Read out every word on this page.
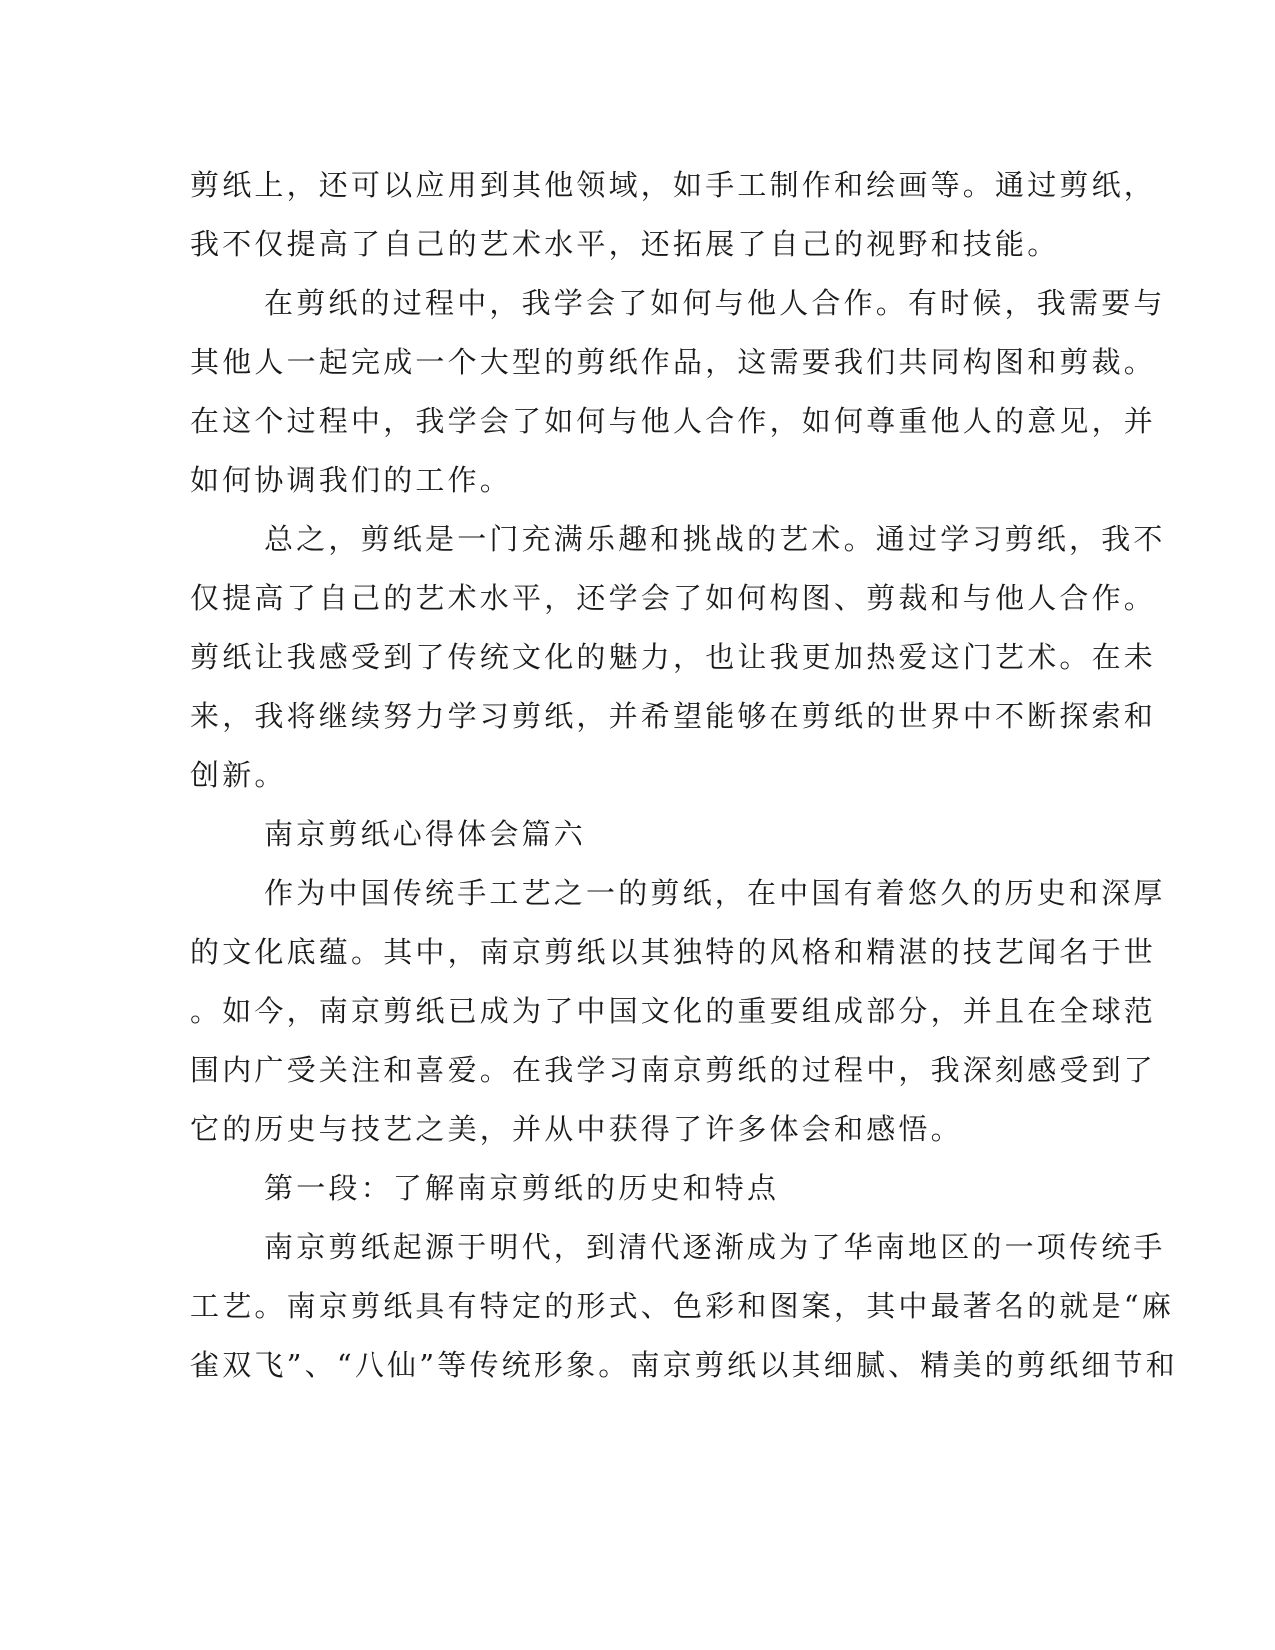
剪纸上，还可以应用到其他领域，如手工制作和绘画等。通过剪纸，
我不仅提高了自己的艺术水平，还拓展了自己的视野和技能。
在剪纸的过程中，我学会了如何与他人合作。有时候，我需要与
其他人一起完成一个大型的剪纸作品，这需要我们共同构图和剪裁。
在这个过程中，我学会了如何与他人合作，如何尊重他人的意见，并
如何协调我们的工作。
总之，剪纸是一门充满乐趣和挑战的艺术。通过学习剪纸，我不
仅提高了自己的艺术水平，还学会了如何构图、剪裁和与他人合作。
剪纸让我感受到了传统文化的魅力，也让我更加热爱这门艺术。在未
来，我将继续努力学习剪纸，并希望能够在剪纸的世界中不断探索和
创新。
南京剪纸心得体会篇六
作为中国传统手工艺之一的剪纸，在中国有着悠久的历史和深厚
的文化底蕴。其中，南京剪纸以其独特的风格和精湛的技艺闻名于世
。如今，南京剪纸已成为了中国文化的重要组成部分，并且在全球范
围内广受关注和喜爱。在我学习南京剪纸的过程中，我深刻感受到了
它的历史与技艺之美，并从中获得了许多体会和感悟。
第一段：了解南京剪纸的历史和特点
南京剪纸起源于明代，到清代逐渐成为了华南地区的一项传统手
工艺。南京剪纸具有特定的形式、色彩和图案，其中最著名的就是“麻
雀双飞”、“八仙”等传统形象。南京剪纸以其细腻、精美的剪纸细节和
